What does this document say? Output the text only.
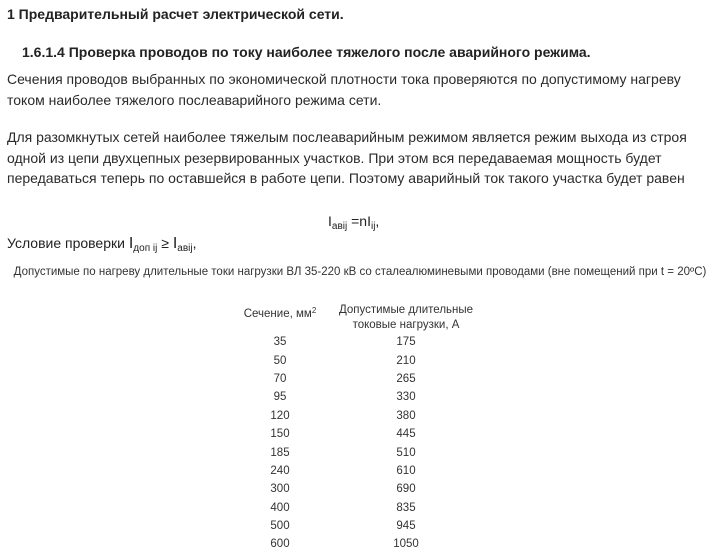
1 Предварительный расчет электрической сети.
1.6.1.4 Проверка проводов по току наиболее тяжелого после аварийного режима.
Сечения проводов выбранных по экономической плотности тока проверяются по допустимому нагреву током наиболее тяжелого послеаварийного режима сети.
Для разомкнутых сетей наиболее тяжелым послеаварийным режимом является режим выхода из строя одной из цепи двухцепных резервированных участков. При этом вся передаваемая мощность будет передаваться теперь по оставшейся в работе цепи. Поэтому аварийный ток такого участка будет равен
$I_{авij} =nI_{ij}$,
Условие проверки $I_{доп ij} \ge I_{авij}$,
Допустимые по нагреву длительные токи нагрузки ВЛ 35-220 кВ со сталеалюминевыми проводами (вне помещений при t = 20ºC)
Сечение, $мм^2$	Допустимые длительные токовые нагрузки, А
35	175
50	210
70	265
95	330
120	380
150	445
185	510
240	610
300	690
400	835
500	945
600	1050
